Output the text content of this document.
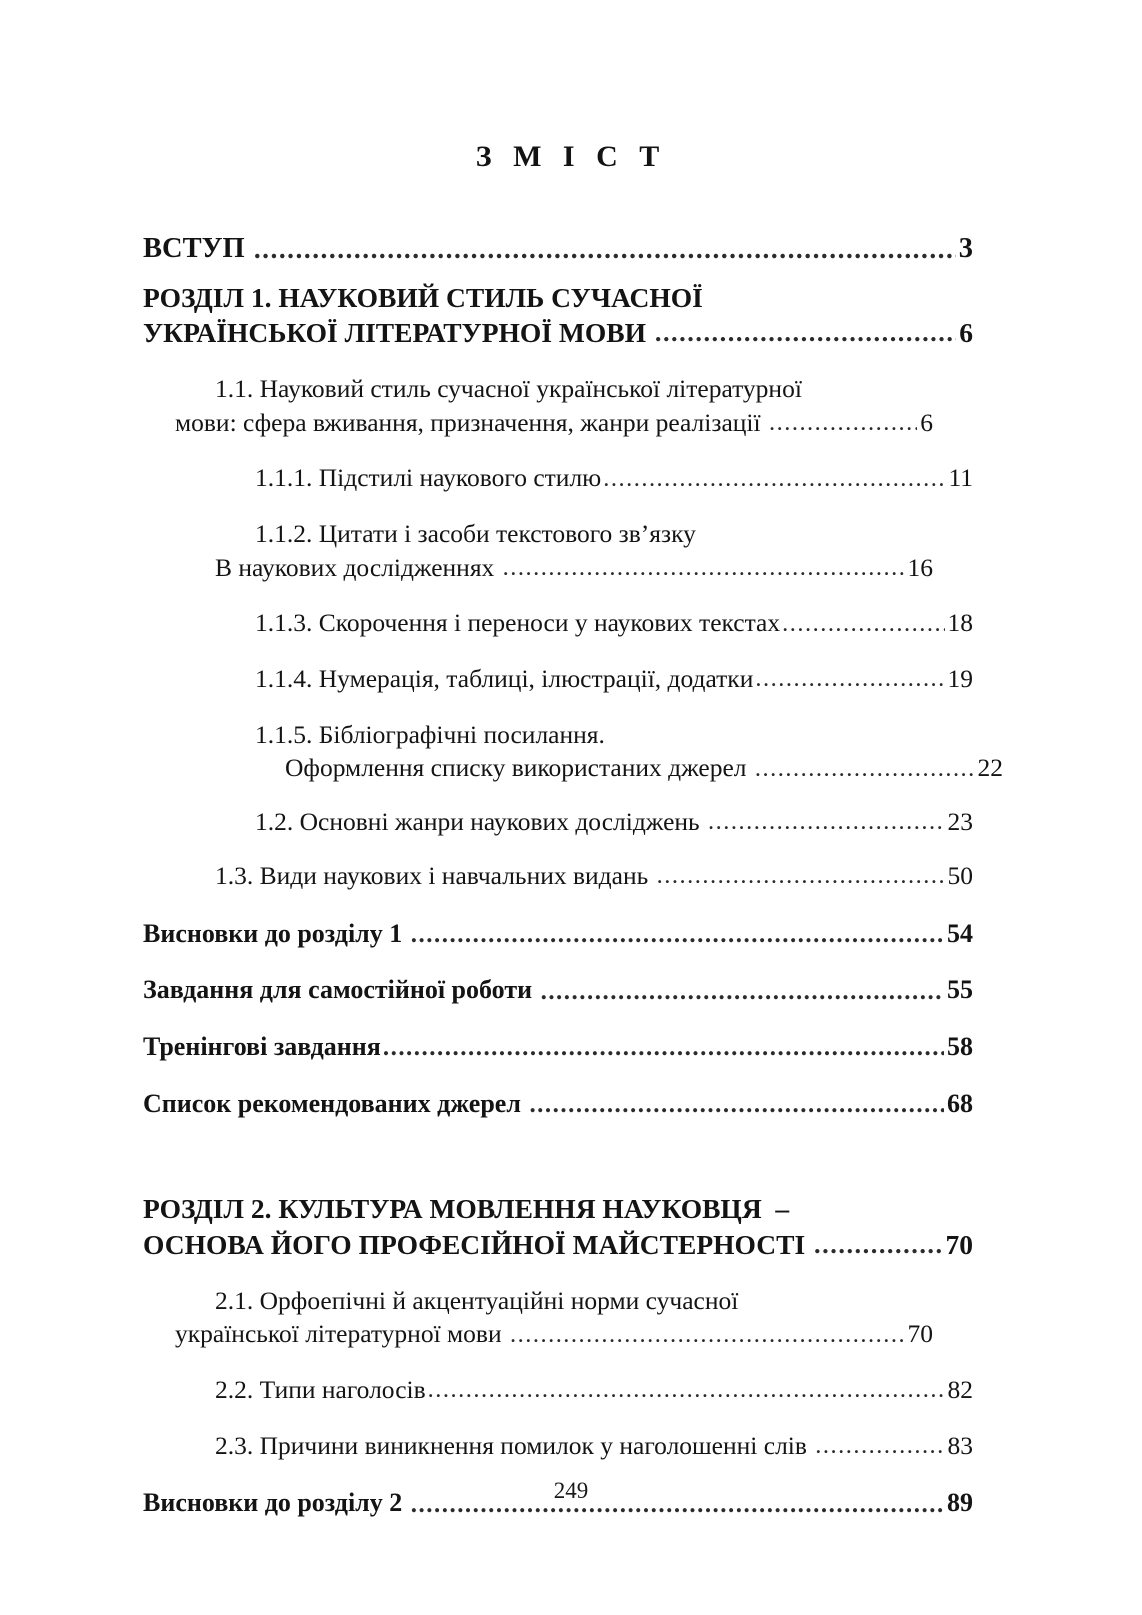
З М І С Т
ВСТУП .....	3
РОЗДІЛ 1. НАУКОВИЙ СТИЛЬ СУЧАСНОЇ
УКРАЇНСЬКОЇ ЛІТЕРАТУРНОЇ МОВИ .....	6
1.1. Науковий стиль сучасної української літературної
мови: сфера вживання, призначення, жанри реалізації .....	6
1.1.1. Підстилі наукового стилю .....	11
1.1.2. Цитати і засоби текстового зв’язку
В наукових дослідженнях .....	16
1.1.3. Скорочення і переноси у наукових текстах .....	18
1.1.4. Нумерація, таблиці, ілюстрації, додатки .....	19
1.1.5. Бібліографічні посилання.
Оформлення списку використаних джерел .....	22
1.2. Основні жанри наукових досліджень .....	23
1.3. Види наукових і навчальних видань .....	50
Висновки до розділу 1 .....	54
Завдання для самостійної роботи .....	55
Тренінгові завдання .....	58
Список рекомендованих джерел .....	68
РОЗДІЛ 2. КУЛЬТУРА МОВЛЕННЯ НАУКОВЦЯ  –
ОСНОВА ЙОГО ПРОФЕСІЙНОЇ МАЙСТЕРНОСТІ .....	70
2.1. Орфоепічні й акцентуаційні норми сучасної
української літературної мови .....	70
2.2. Типи наголосів .....	82
2.3. Причини виникнення помилок у наголошенні слів .....	83
Висновки до розділу 2 .....	89
249
